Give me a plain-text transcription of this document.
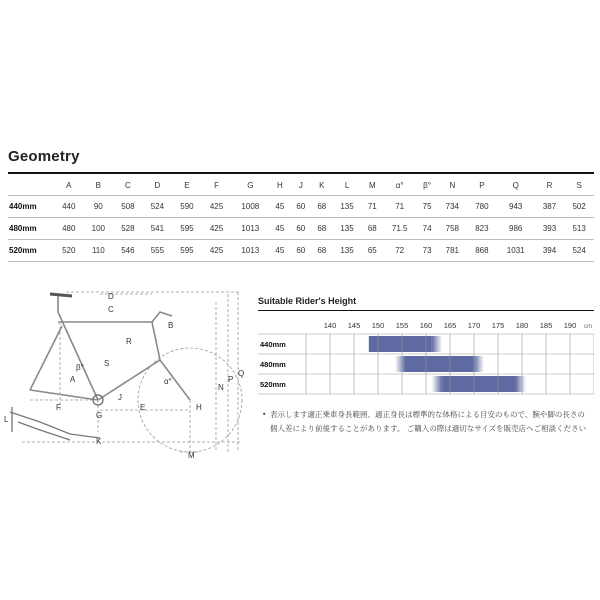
Geometry
	A	B	C	D	E	F	G	H	J	K	L	M	α°	β°	N	P	Q	R	S
440mm	440	90	508	524	590	425	1008	45	60	68	135	71	71	75	734	780	943	387	502
480mm	480	100	528	541	595	425	1013	45	60	68	135	68	71.5	74	758	823	986	393	513
520mm	520	110	546	555	595	425	1013	45	60	68	135	65	72	73	781	868	1031	394	524
D
C
B
R
A
β°	S
α°
N
P
Q
F
J
E	H
G
L
K
M
Suitable Rider's Height
140 145 150 155 160 165 170 175 180 185 190 cm
440mm
480mm
520mm
• 表示します適正乗車身長範囲、適正身長は標準的な体格による目安のもので、腕や脚の長さの個人差により前後することがあります。 ご購入の際は適切なサイズを販売店へご相談ください
